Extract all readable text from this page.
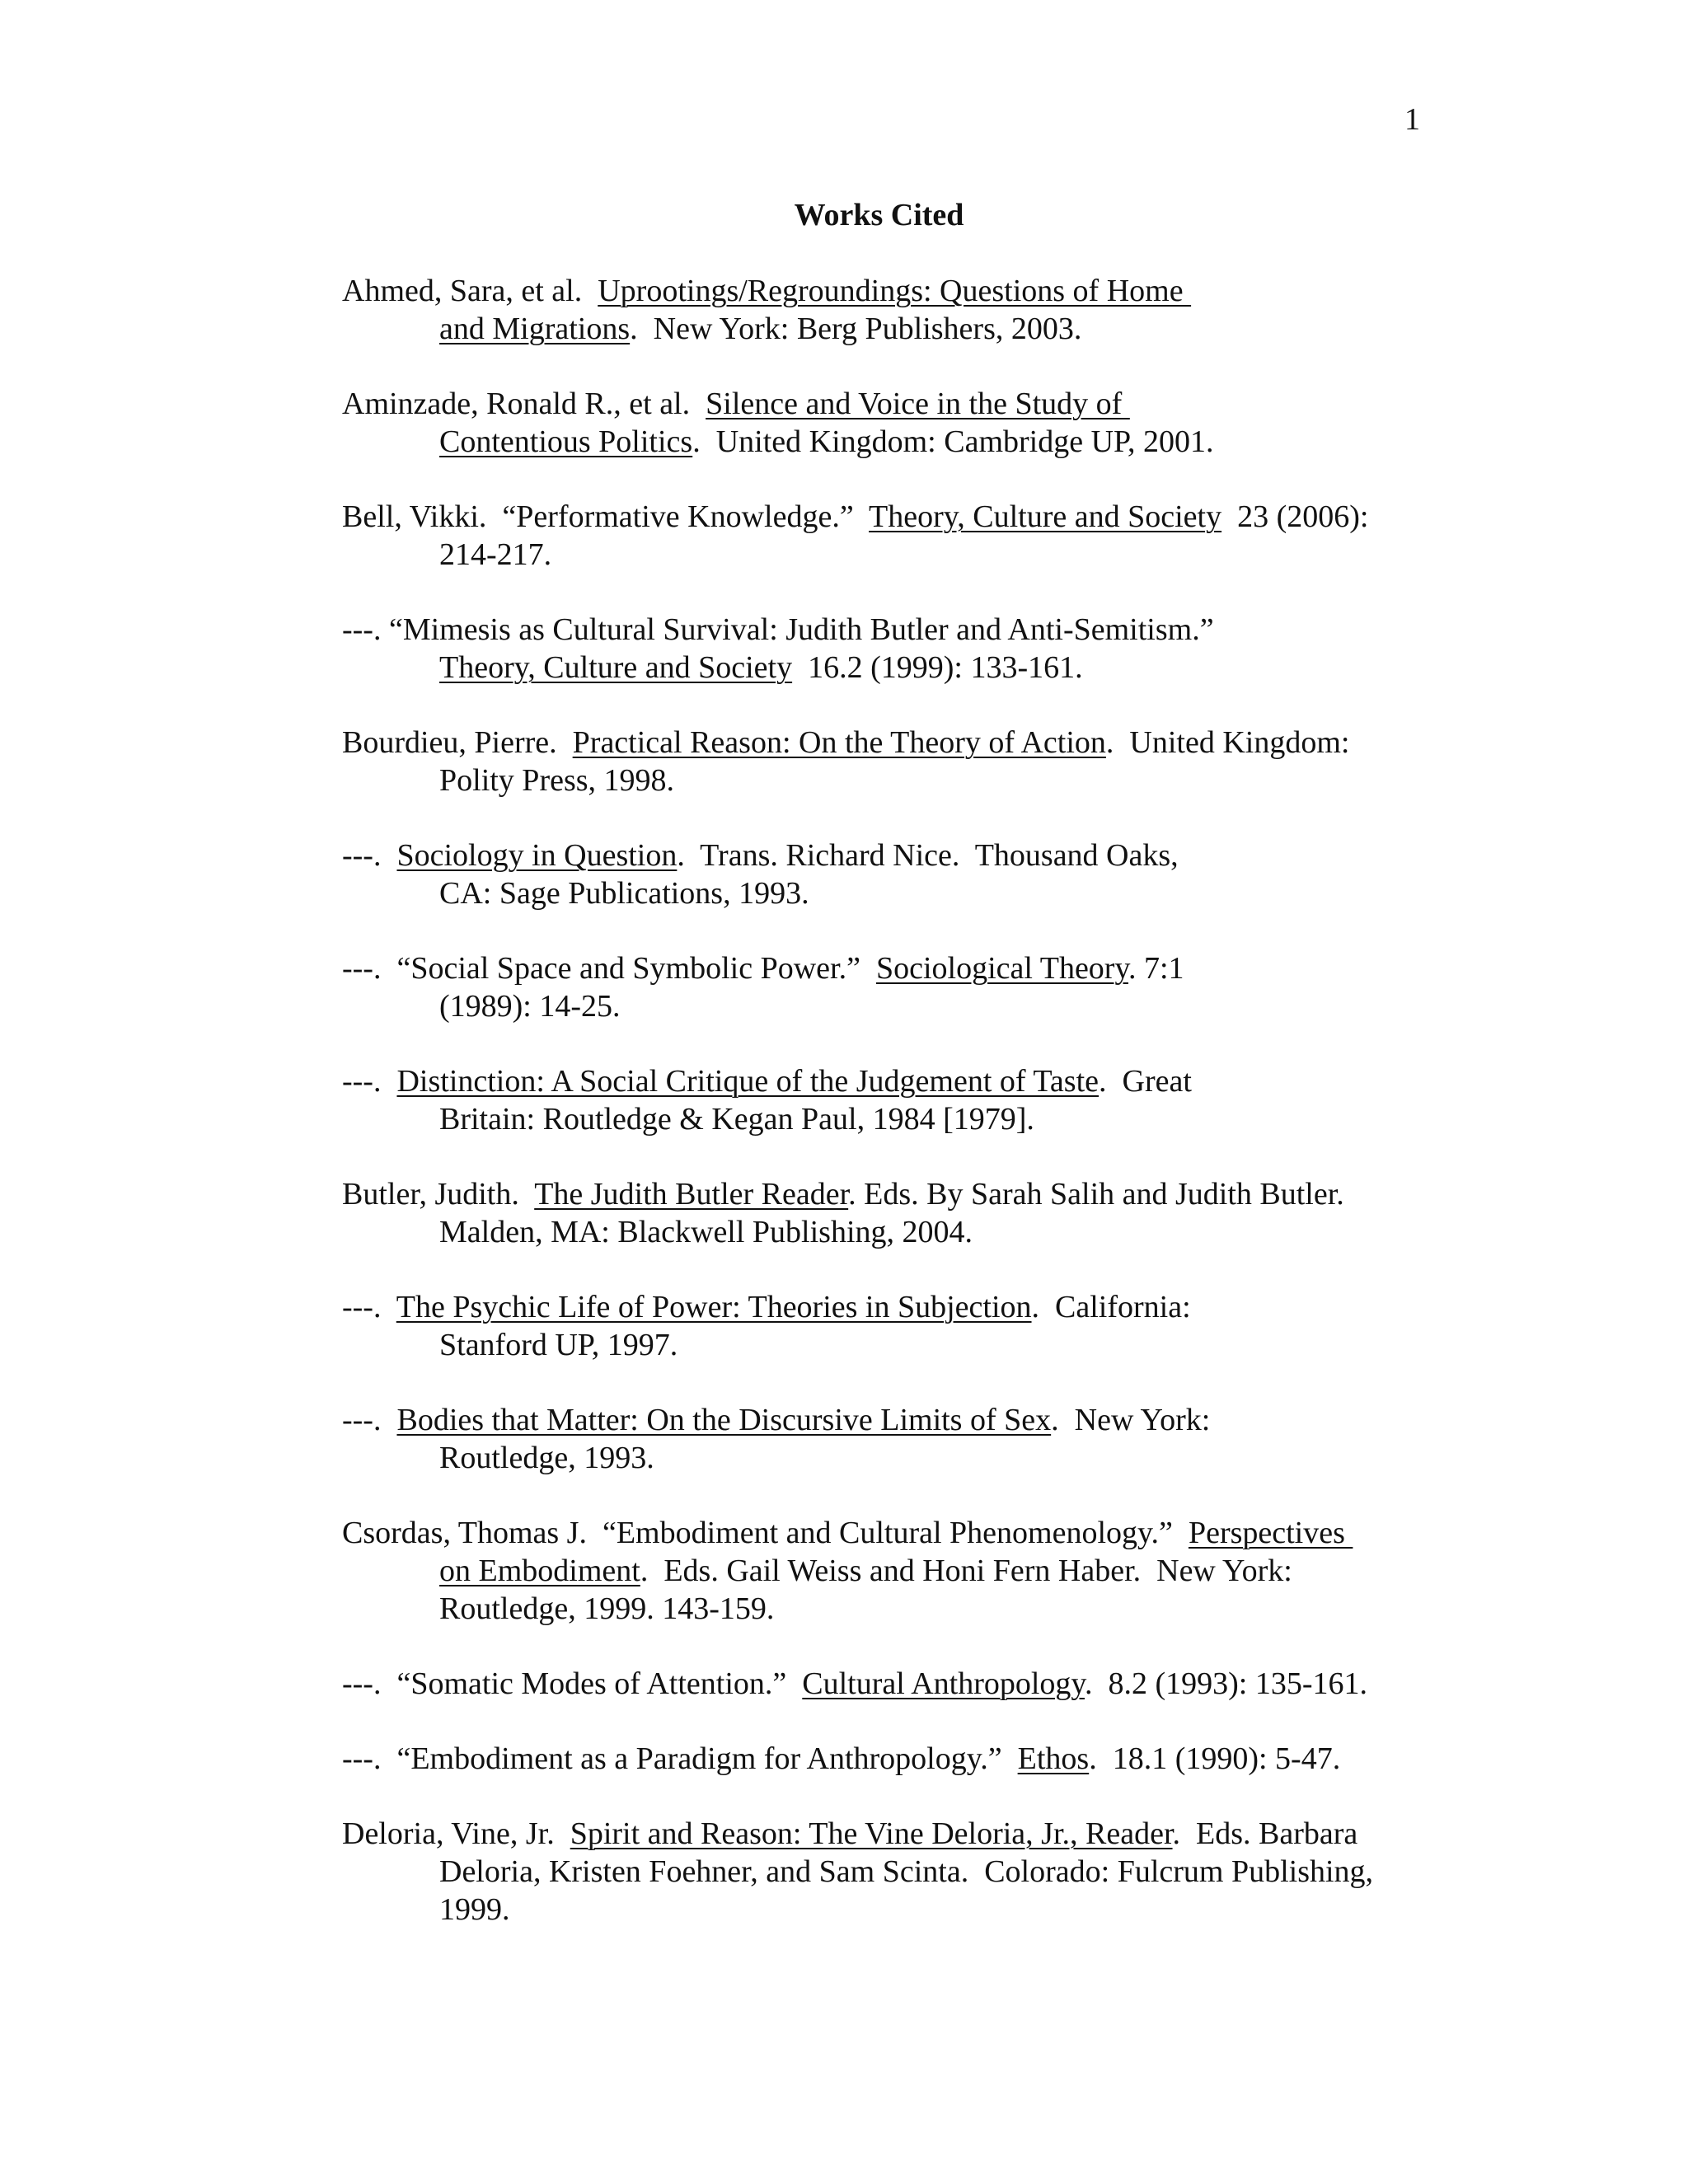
1
Works Cited
Ahmed, Sara, et al.  Uprootings/Regroundings: Questions of Home
and Migrations.  New York: Berg Publishers, 2003.
Aminzade, Ronald R., et al.  Silence and Voice in the Study of
Contentious Politics.  United Kingdom: Cambridge UP, 2001.
Bell, Vikki.  “Performative Knowledge.”  Theory, Culture and Society  23 (2006):
214-217.
---. “Mimesis as Cultural Survival: Judith Butler and Anti-Semitism.”
Theory, Culture and Society  16.2 (1999): 133-161.
Bourdieu, Pierre.  Practical Reason: On the Theory of Action.  United Kingdom:
Polity Press, 1998.
---.  Sociology in Question.  Trans. Richard Nice.  Thousand Oaks,
CA: Sage Publications, 1993.
---.  “Social Space and Symbolic Power.”  Sociological Theory. 7:1
(1989): 14-25.
---.  Distinction: A Social Critique of the Judgement of Taste.  Great
Britain: Routledge & Kegan Paul, 1984 [1979].
Butler, Judith.  The Judith Butler Reader. Eds. By Sarah Salih and Judith Butler.
Malden, MA: Blackwell Publishing, 2004.
---.  The Psychic Life of Power: Theories in Subjection.  California:
Stanford UP, 1997.
---.  Bodies that Matter: On the Discursive Limits of Sex.  New York:
Routledge, 1993.
Csordas, Thomas J.  “Embodiment and Cultural Phenomenology.”  Perspectives
on Embodiment.  Eds. Gail Weiss and Honi Fern Haber.  New York:
Routledge, 1999. 143-159.
---.  “Somatic Modes of Attention.”  Cultural Anthropology.  8.2 (1993): 135-161.
---.  “Embodiment as a Paradigm for Anthropology.”  Ethos.  18.1 (1990): 5-47.
Deloria, Vine, Jr.  Spirit and Reason: The Vine Deloria, Jr., Reader.  Eds. Barbara
Deloria, Kristen Foehner, and Sam Scinta.  Colorado: Fulcrum Publishing,
1999.
